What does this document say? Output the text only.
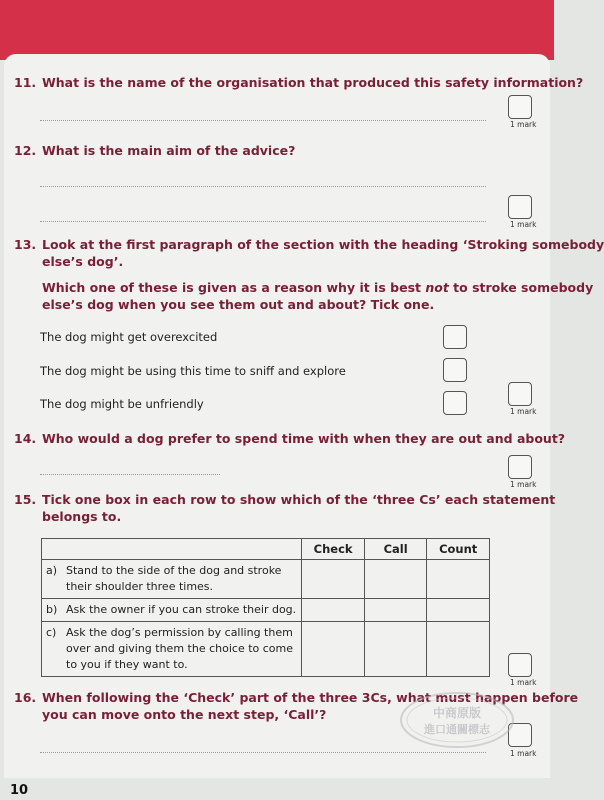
11. What is the name of the organisation that produced this safety information?
1 mark
12. What is the main aim of the advice?
1 mark
13. Look at the first paragraph of the section with the heading ‘Stroking somebody
else’s dog’.
Which one of these is given as a reason why it is best not to stroke somebody
else’s dog when you see them out and about? Tick one.
The dog might get overexcited
The dog might be using this time to sniff and explore
The dog might be unfriendly
1 mark
14. Who would a dog prefer to spend time with when they are out and about?
1 mark
15. Tick one box in each row to show which of the ‘three Cs’ each statement
belongs to.
	Check	Call	Count

a) Stand to the side of the dog and stroke
their shoulder three times.			

b) Ask the owner if you can stroke their dog.			

c) Ask the dog’s permission by calling them
over and giving them the choice to come
to you if they want to.			

1 mark
16. When following the ‘Check’ part of the three 3Cs, what must happen before
you can move onto the next step, ‘Call’?
1 mark
中商原版
進口通關標志
10
